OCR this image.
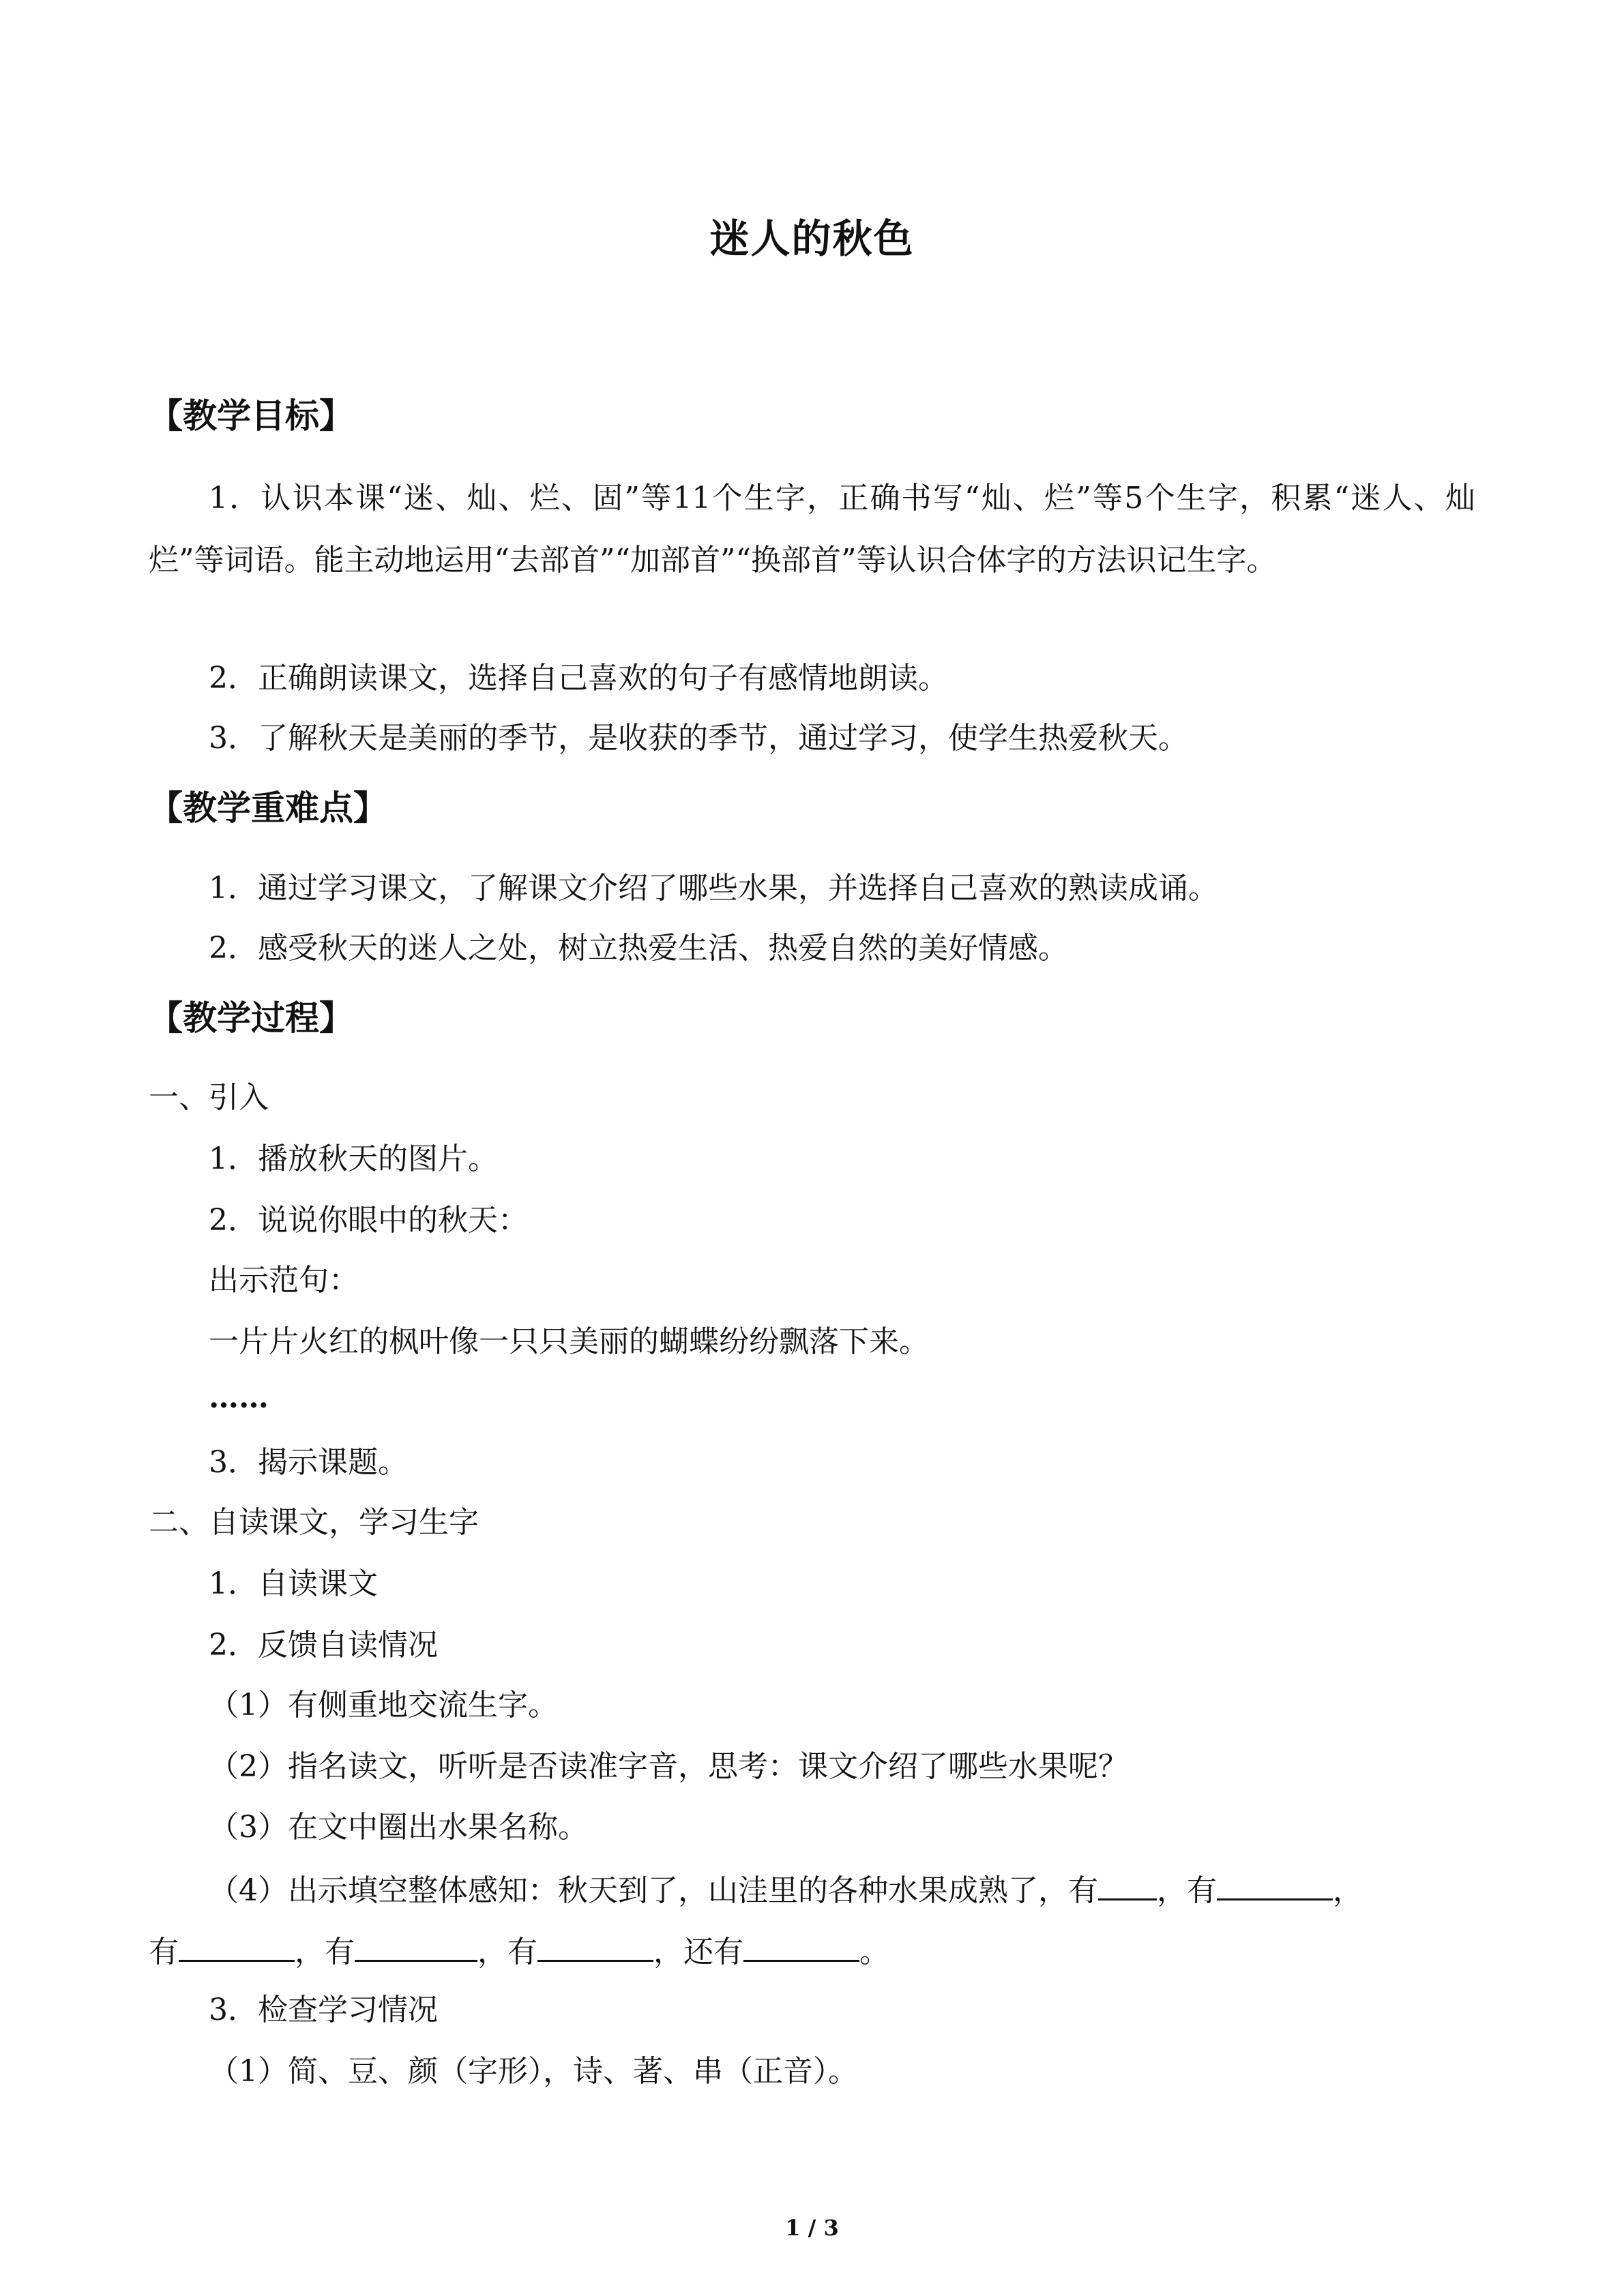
迷人的秋色
【教学目标】
1．认识本课“迷、灿、烂、固”等11个生字，正确书写“灿、烂”等5个生字，积累“迷人、灿烂”等词语。能主动地运用“去部首”“加部首”“换部首”等认识合体字的方法识记生字。
2．正确朗读课文，选择自己喜欢的句子有感情地朗读。
3．了解秋天是美丽的季节，是收获的季节，通过学习，使学生热爱秋天。
【教学重难点】
1．通过学习课文，了解课文介绍了哪些水果，并选择自己喜欢的熟读成诵。
2．感受秋天的迷人之处，树立热爱生活、热爱自然的美好情感。
【教学过程】
一、引入
1．播放秋天的图片。
2．说说你眼中的秋天：
出示范句：
一片片火红的枫叶像一只只美丽的蝴蝶纷纷飘落下来。
……
3．揭示课题。
二、自读课文，学习生字
1．自读课文
2．反馈自读情况
（1）有侧重地交流生字。
（2）指名读文，听听是否读准字音，思考：课文介绍了哪些水果呢？
（3）在文中圈出水果名称。
（4）出示填空整体感知：秋天到了，山洼里的各种水果成熟了，有 ，有	，
有	，有	，有	，还有	。
3．检查学习情况
（1）简、豆、颜（字形），诗、著、串（正音）。
1 / 3
